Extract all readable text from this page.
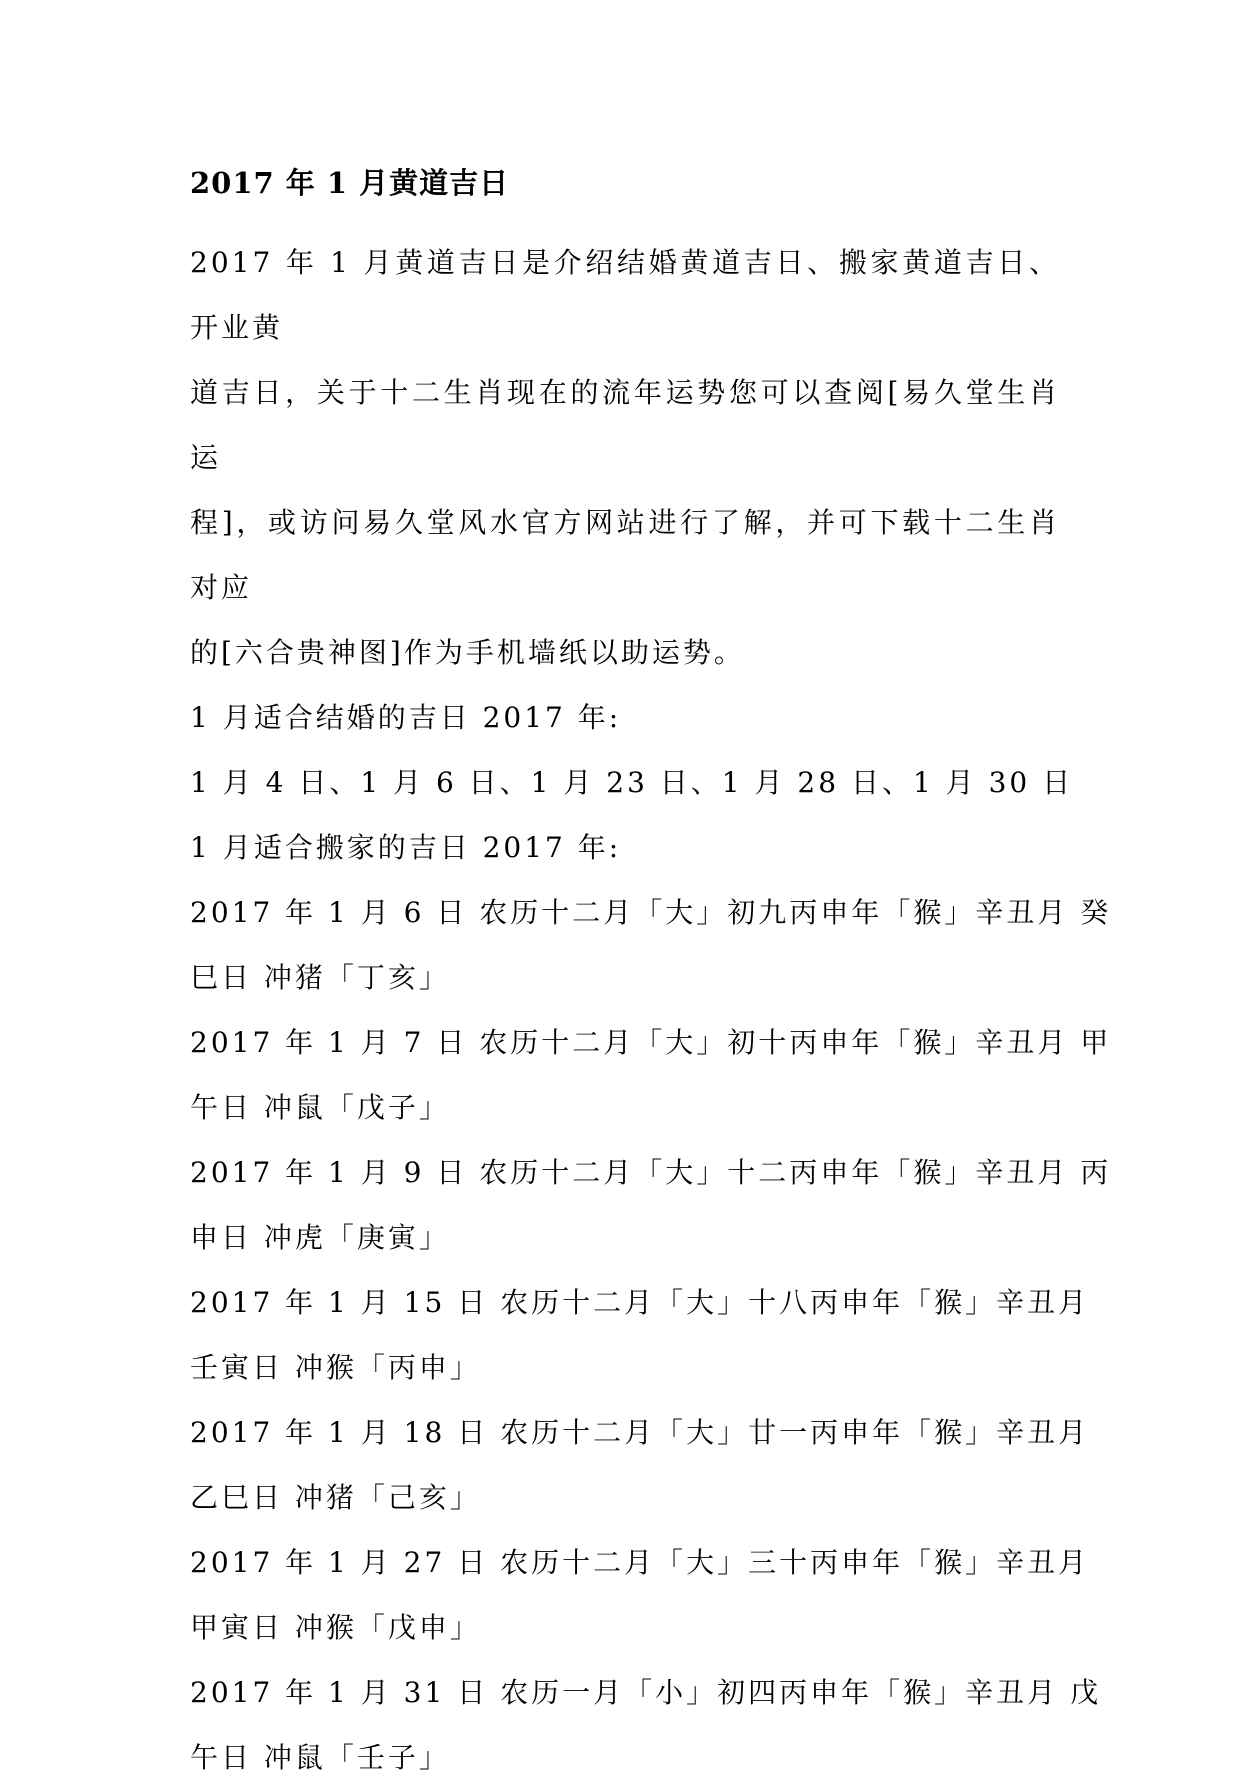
2017 年 1 月黄道吉日
2017 年 1 月黄道吉日是介绍结婚黄道吉日、搬家黄道吉日、开业黄
道吉日，关于十二生肖现在的流年运势您可以查阅[易久堂生肖运
程]，或访问易久堂风水官方网站进行了解，并可下载十二生肖对应
的[六合贵神图]作为手机墙纸以助运势。
1 月适合结婚的吉日 2017 年:
1 月 4 日、1 月 6 日、1 月 23 日、1 月 28 日、1 月 30 日
1 月适合搬家的吉日 2017 年:
2017 年 1 月 6 日 农历十二月「大」初九 丙申年「猴」辛丑月 癸
巳日 冲猪「丁亥」
2017 年 1 月 7 日 农历十二月「大」初十 丙申年「猴」辛丑月 甲
午日 冲鼠「戊子」
2017 年 1 月 9 日 农历十二月「大」十二 丙申年「猴」辛丑月 丙
申日 冲虎「庚寅」
2017 年 1 月 15 日 农历十二月「大」十八 丙申年「猴」辛丑月
壬寅日 冲猴「丙申」
2017 年 1 月 18 日 农历十二月「大」廿一 丙申年「猴」辛丑月
乙巳日 冲猪「己亥」
2017 年 1 月 27 日 农历十二月「大」三十 丙申年「猴」辛丑月
甲寅日 冲猴「戊申」
2017 年 1 月 31 日 农历一月「小」初四 丙申年「猴」辛丑月 戊
午日 冲鼠「壬子」
